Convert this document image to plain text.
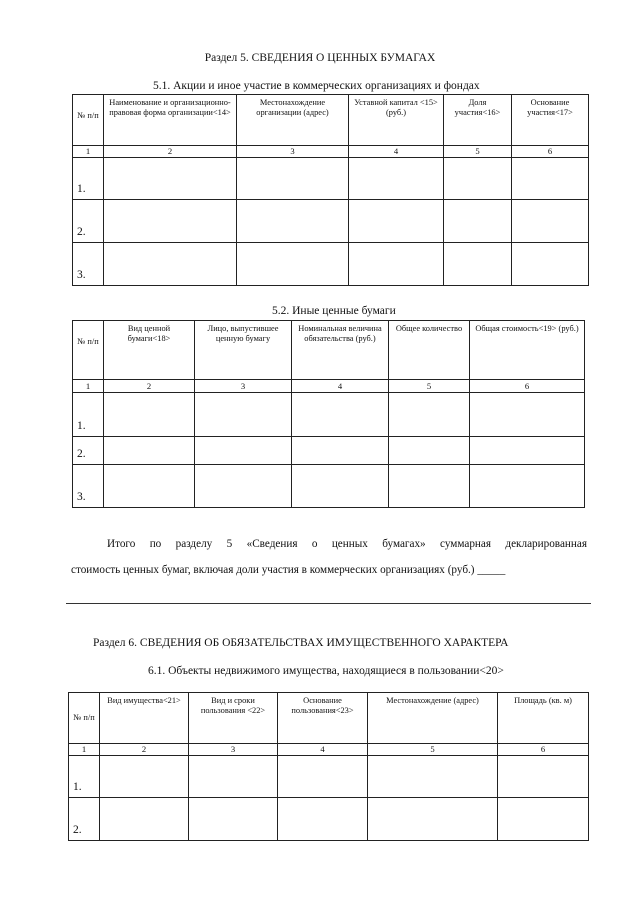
Раздел 5. СВЕДЕНИЯ О ЦЕННЫХ БУМАГАХ
5.1. Акции и иное участие в коммерческих организациях и фондах
№ п/п	Наименование и организационно-правовая форма организации<14>	Местонахождение организации (адрес)	Уставной капитал <15> (руб.)	Доля участия<16>	Основание участия<17>
1	2	3	4	5	6
1.					
2.					
3.					
5.2. Иные ценные бумаги
№ п/п	Вид ценной бумаги<18>	Лицо, выпустившее ценную бумагу	Номинальная величина обязательства (руб.)	Общее количество	Общая стоимость<19> (руб.)
1	2	3	4	5	6
1.					
2.					
3.					
Итого по разделу 5 «Сведения о ценных бумагах» суммарная декларированная
стоимость ценных бумаг, включая доли участия в коммерческих организациях (руб.) _____
Раздел 6. СВЕДЕНИЯ ОБ ОБЯЗАТЕЛЬСТВАХ ИМУЩЕСТВЕННОГО ХАРАКТЕРА
6.1. Объекты недвижимого имущества, находящиеся в пользовании<20>
№ п/п	Вид имущества<21>	Вид и сроки пользования <22>	Основание пользования<23>	Местонахождение (адрес)	Площадь (кв. м)
1	2	3	4	5	6
1.					
2.					
